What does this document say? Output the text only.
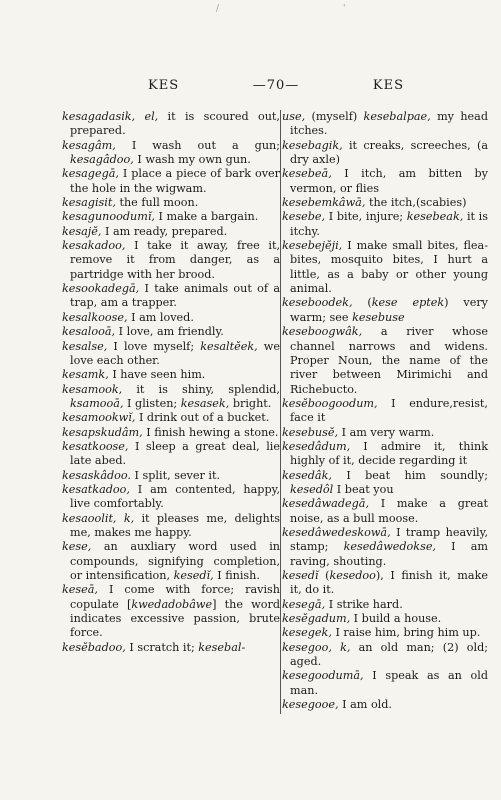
/	'
KES	—70—	KES
kesagadasik, el, it is scoured out, prepared.
kesagâm, I wash out a gun; kesagâdoo, I wash my own gun.
kesagegā, I place a piece of bark over the hole in the wigwam.
kesagisit, the full moon.
kesagunoodumĭ, I make a bargain.
kesajĕ, I am ready, prepared.
kesakadoo, I take it away, free it, remove it from danger, as a partridge with her brood.
kesookadegā, I take animals out of a trap, am a trapper.
kesalkoose, I am loved.
kesalooā, I love, am friendly.
kesalse, I love myself; kesaltĕek, we love each other.
kesamk, I have seen him.
kesamook, it is shiny, splendid, ksamooā, I glisten; kesasek, bright.
kesamookwĭ, I drink out of a bucket.
kesapskudâm, I finish hewing a stone.
kesatkoose, I sleep a great deal, lie late abed.
kesaskâdoo. I split, sever it.
kesatkadoo, I am contented, happy, live comfortably.
kesaoolit, k, it pleases me, delights me, makes me happy.
kese, an auxliary word used in compounds, signifying completion, or intensification, kesedĭ, I finish.
keseā, I come with force; ravish copulate [kwedadobâwe] the word indicates excessive passion, brute force.
kesĕbadoo, I scratch it; kesebal-
use, (myself) kesebalpae, my head itches.
kesebagik, it creaks, screeches, (a dry axle)
kesebeā, I itch, am bitten by vermon, or flies
kesebemkâwā, the itch,(scabies)
kesebe, I bite, injure; kesebeak, it is itchy.
kesebejĕji, I make small bites, flea-bites, mosquito bites, I hurt a little, as a baby or other young animal.
keseboodek, (kese eptek) very warm; see kesebuse
keseboogwâk, a river whose channel narrows and widens. Proper Noun, the name of the river between Mirimichi and Richebucto.
kesĕboogoodum, I endure,resist, face it
kesebusĕ, I am very warm.
kesedâdum, I admire it, think highly of it, decide regarding it
kesedâk, I beat him soundly; kesedôl I beat you
kesedâwadegā, I make a great noise, as a bull moose.
kesedâwedeskowā, I tramp heavily, stamp; kesedâwedokse, I am raving, shouting.
kesedĭ (kesedoo), I finish it, make it, do it.
kesegā, I strike hard.
kesĕgadum, I build a house.
kesegek, I raise him, bring him up.
kesegoo, k, an old man; (2) old; aged.
kesegoodumā, I speak as an old man.
kesegooe, I am old.
